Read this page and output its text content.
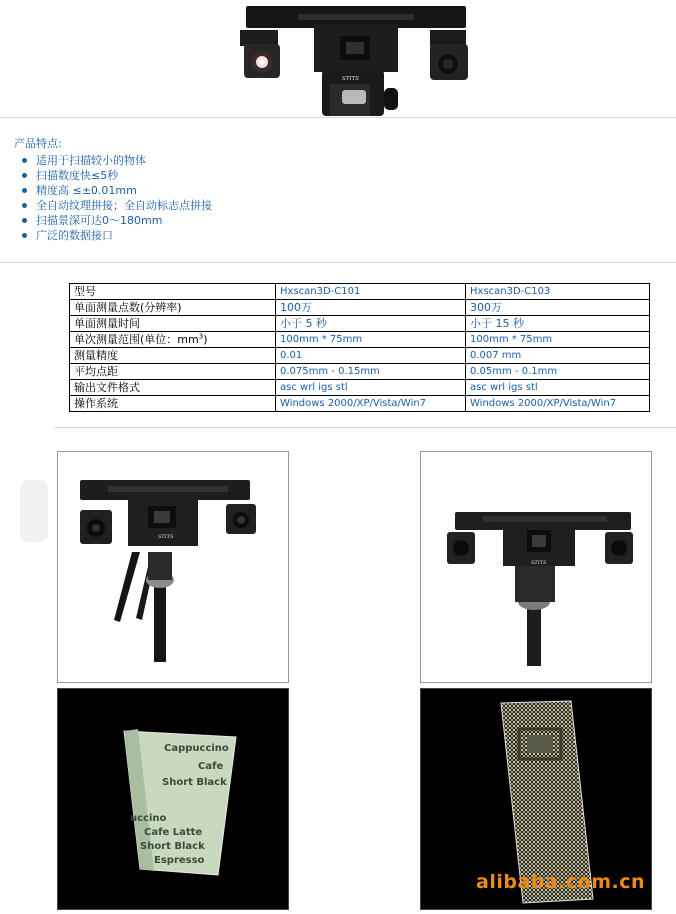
STITS
产品特点:
适用于扫描较小的物体
扫描数度快≤5秒
精度高 ≤±0.01mm
全自动纹理拼接；全自动标志点拼接
扫描景深可达0～180mm
广泛的数据接口
型号	Hxscan3D-C101	Hxscan3D-C103
单面测量点数(分辨率)	100万	300万
单面测量时间	小于 5 秒	小于 15 秒
单次测量范围(单位：$mm^3$)	100mm * 75mm	100mm * 75mm
测量精度	0.01	0.007 mm
平均点距	0.075mm - 0.15mm	0.05mm - 0.1mm
输出文件格式	asc wrl igs stl	asc wrl igs stl
操作系统	Windows 2000/XP/Vista/Win7	Windows 2000/XP/Vista/Win7
STITS
STITS
Cappuccino
Cafe
Short Black
Cafe Latte
Short Black
Espresso
uccino
alibaba.com.cn
